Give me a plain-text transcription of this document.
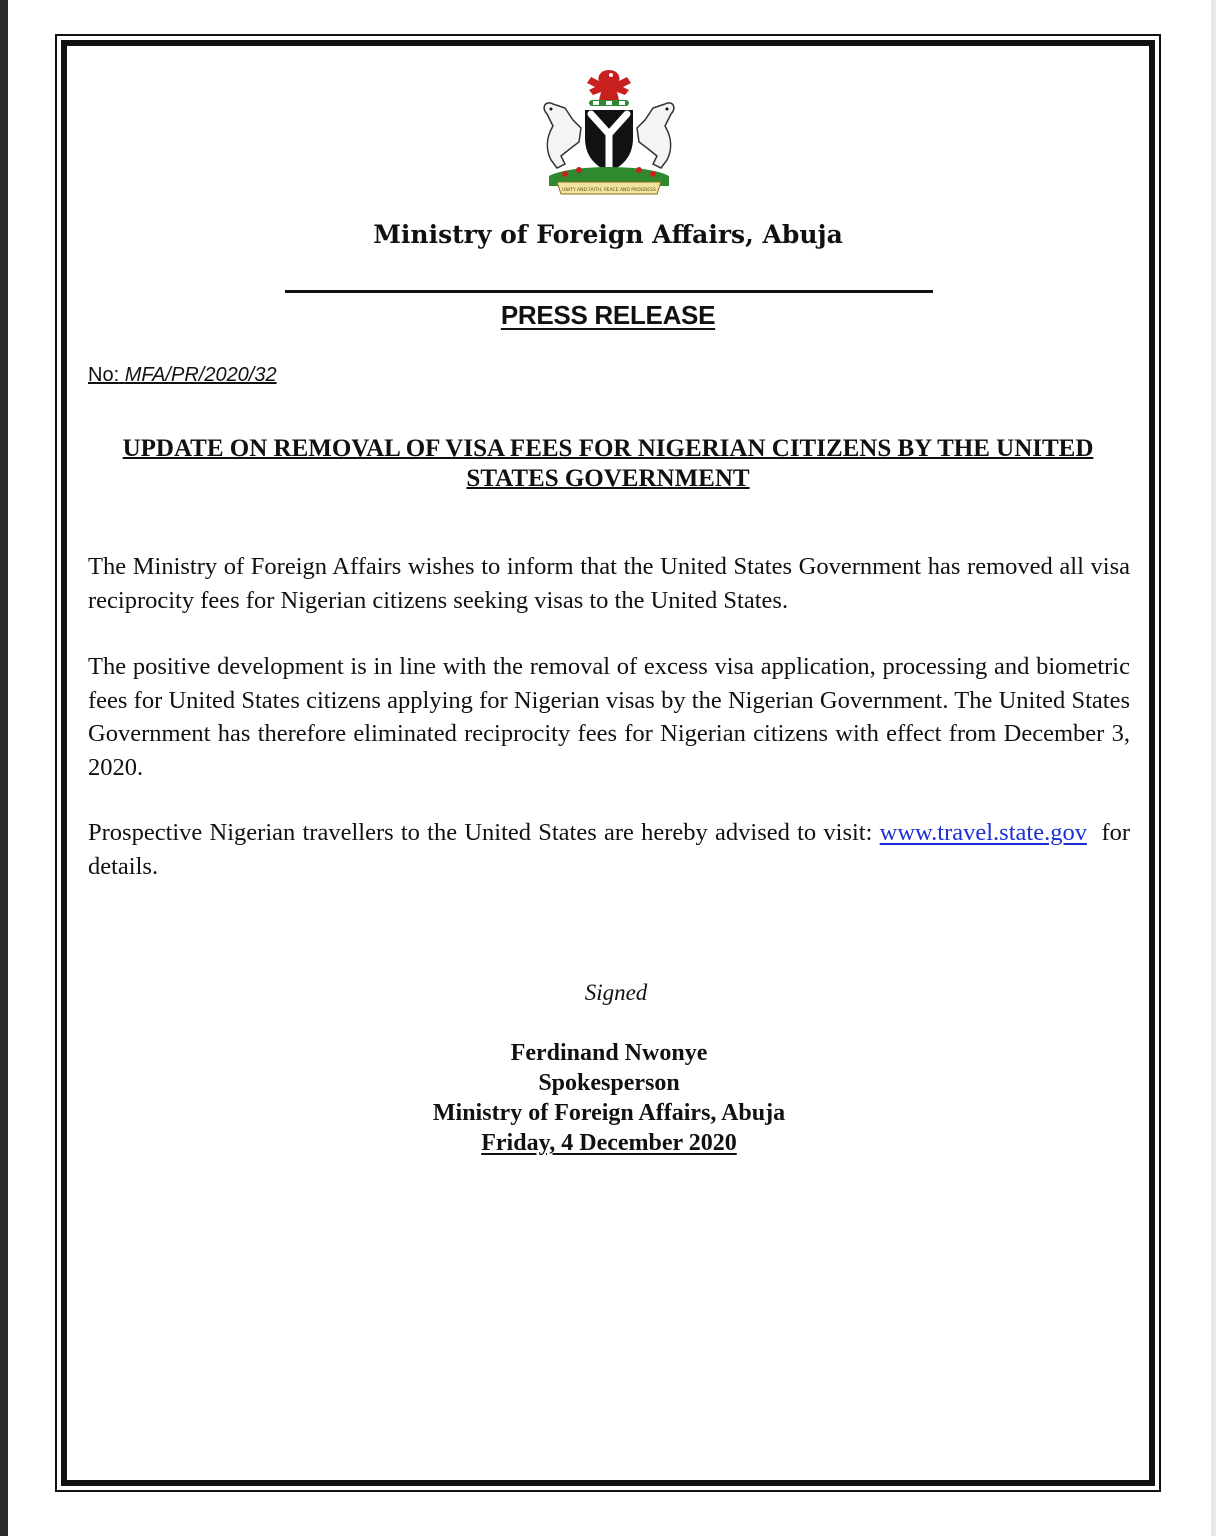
UNITY AND FAITH, PEACE AND PROGRESS
Ministry of Foreign Affairs, Abuja
PRESS RELEASE
No: MFA/PR/2020/32
UPDATE ON REMOVAL OF VISA FEES FOR NIGERIAN CITIZENS BY THE UNITED STATES GOVERNMENT
The Ministry of Foreign Affairs wishes to inform that the United States Government has removed all visa reciprocity fees for Nigerian citizens seeking visas to the United States.
The positive development is in line with the removal of excess visa application, processing and biometric fees for United States citizens applying for Nigerian visas by the Nigerian Government. The United States Government has therefore eliminated reciprocity fees for Nigerian citizens with effect from December 3, 2020.
Prospective Nigerian travellers to the United States are hereby advised to visit: www.travel.state.gov for details.
Signed
Ferdinand Nwonye
Spokesperson
Ministry of Foreign Affairs, Abuja
Friday, 4 December 2020
